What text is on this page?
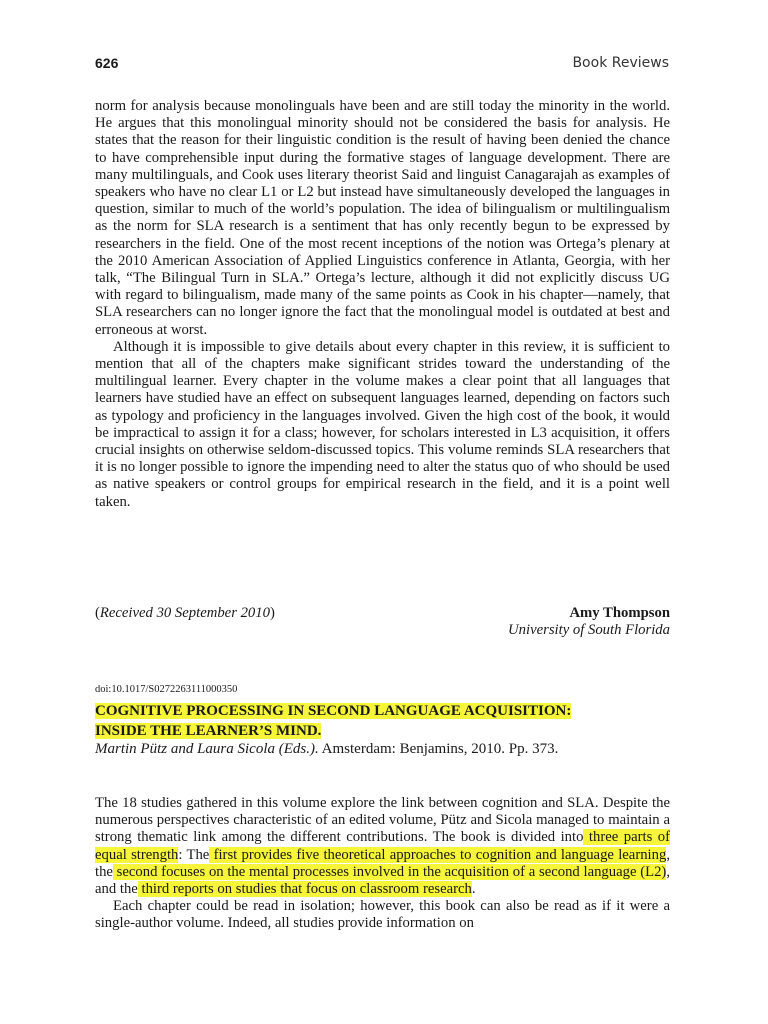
626	Book Reviews

norm for analysis because monolinguals have been and are still today the minority in the world. He argues that this monolingual minority should not be considered the basis for analysis. He states that the reason for their linguistic condition is the result of having been denied the chance to have comprehensible input during the formative stages of language development. There are many multilinguals, and Cook uses literary theorist Said and linguist Canagarajah as examples of speakers who have no clear L1 or L2 but instead have simultaneously developed the languages in question, similar to much of the world’s population. The idea of bilingualism or multilingualism as the norm for SLA research is a sentiment that has only recently begun to be expressed by researchers in the field. One of the most recent inceptions of the notion was Ortega’s plenary at the 2010 American Association of Applied Linguistics conference in Atlanta, Georgia, with her talk, “The Bilingual Turn in SLA.” Ortega’s lecture, although it did not explicitly discuss UG with regard to bilingualism, made many of the same points as Cook in his chapter—namely, that SLA researchers can no longer ignore the fact that the monolingual model is outdated at best and erroneous at worst.

Although it is impossible to give details about every chapter in this review, it is sufficient to mention that all of the chapters make significant strides toward the understanding of the multilingual learner. Every chapter in the volume makes a clear point that all languages that learners have studied have an effect on subsequent languages learned, depending on factors such as typology and proficiency in the languages involved. Given the high cost of the book, it would be impractical to assign it for a class; however, for scholars interested in L3 acquisition, it offers crucial insights on otherwise seldom-discussed topics. This volume reminds SLA researchers that it is no longer possible to ignore the impending need to alter the status quo of who should be used as native speakers or control groups for empirical research in the field, and it is a point well taken.

(Received 30 September 2010)	Amy Thompson
University of South Florida
doi:10.1017/S0272263111000350
COGNITIVE PROCESSING IN SECOND LANGUAGE ACQUISITION:
INSIDE THE LEARNER’S MIND.
Martin Pütz and Laura Sicola (Eds.). Amsterdam: Benjamins, 2010. Pp. 373.

The 18 studies gathered in this volume explore the link between cognition and SLA. Despite the numerous perspectives characteristic of an edited volume, Pütz and Sicola managed to maintain a strong thematic link among the different contributions. The book is divided into three parts of equal strength: The first provides five theoretical approaches to cognition and language learning, the second focuses on the mental processes involved in the acquisition of a second language (L2), and the third reports on studies that focus on classroom research.

Each chapter could be read in isolation; however, this book can also be read as if it were a single-author volume. Indeed, all studies provide information on
